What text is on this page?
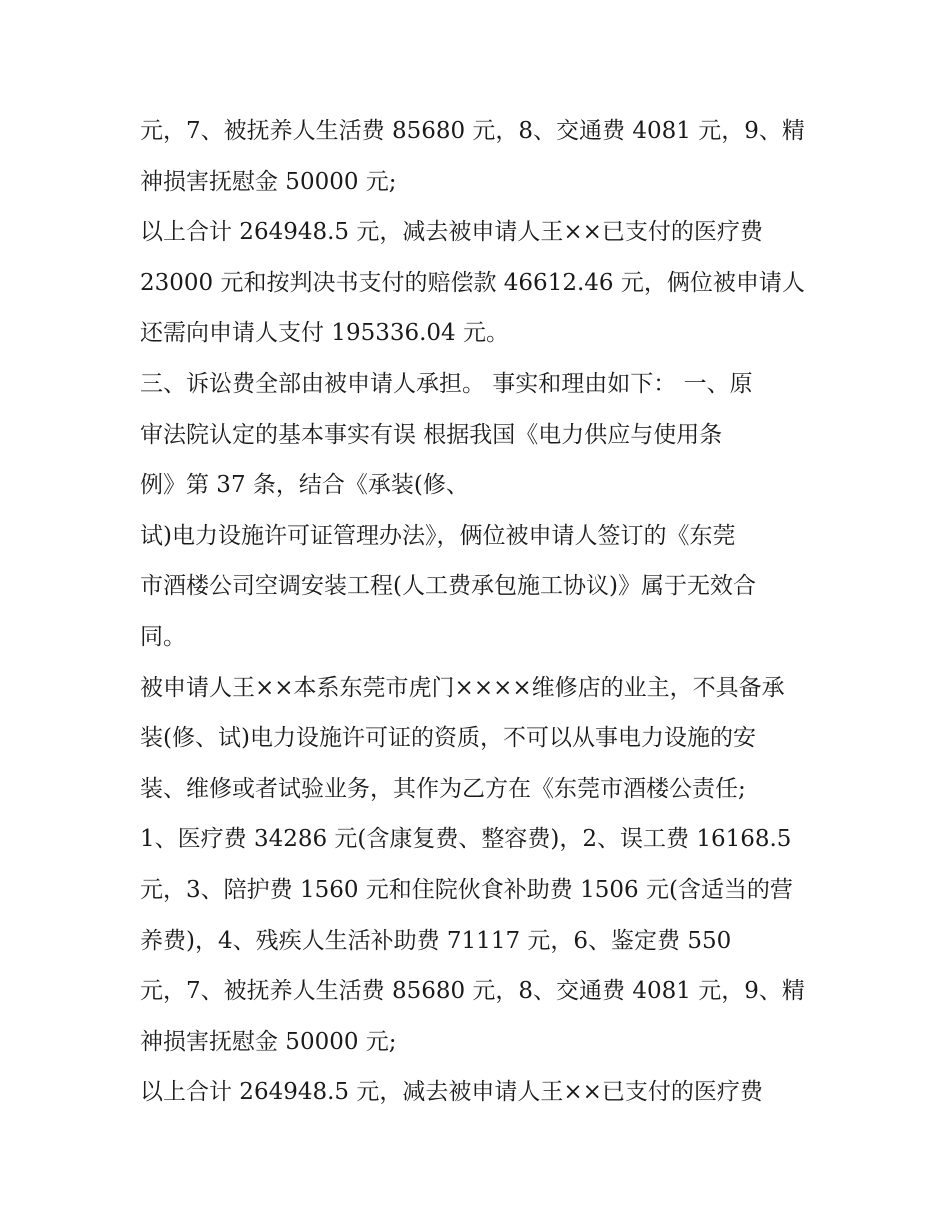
元，7、被抚养人生活费 85680 元，8、交通费 4081 元，9、精
神损害抚慰金 50000 元;
以上合计 264948.5 元，减去被申请人王××已支付的医疗费
23000 元和按判决书支付的赔偿款 46612.46 元，俩位被申请人
还需向申请人支付 195336.04 元。
三、诉讼费全部由被申请人承担。 事实和理由如下： 一、原
审法院认定的基本事实有误 根据我国《电力供应与使用条
例》第 37 条，结合《承装(修、
试)电力设施许可证管理办法》，俩位被申请人签订的《东莞
市酒楼公司空调安装工程(人工费承包施工协议)》属于无效合
同。
被申请人王××本系东莞市虎门××××维修店的业主，不具备承
装(修、试)电力设施许可证的资质，不可以从事电力设施的安
装、维修或者试验业务，其作为乙方在《东莞市酒楼公责任;
1、医疗费 34286 元(含康复费、整容费)，2、误工费 16168.5
元，3、陪护费 1560 元和住院伙食补助费 1506 元(含适当的营
养费)，4、残疾人生活补助费 71117 元，6、鉴定费 550
元，7、被抚养人生活费 85680 元，8、交通费 4081 元，9、精
神损害抚慰金 50000 元;
以上合计 264948.5 元，减去被申请人王××已支付的医疗费
